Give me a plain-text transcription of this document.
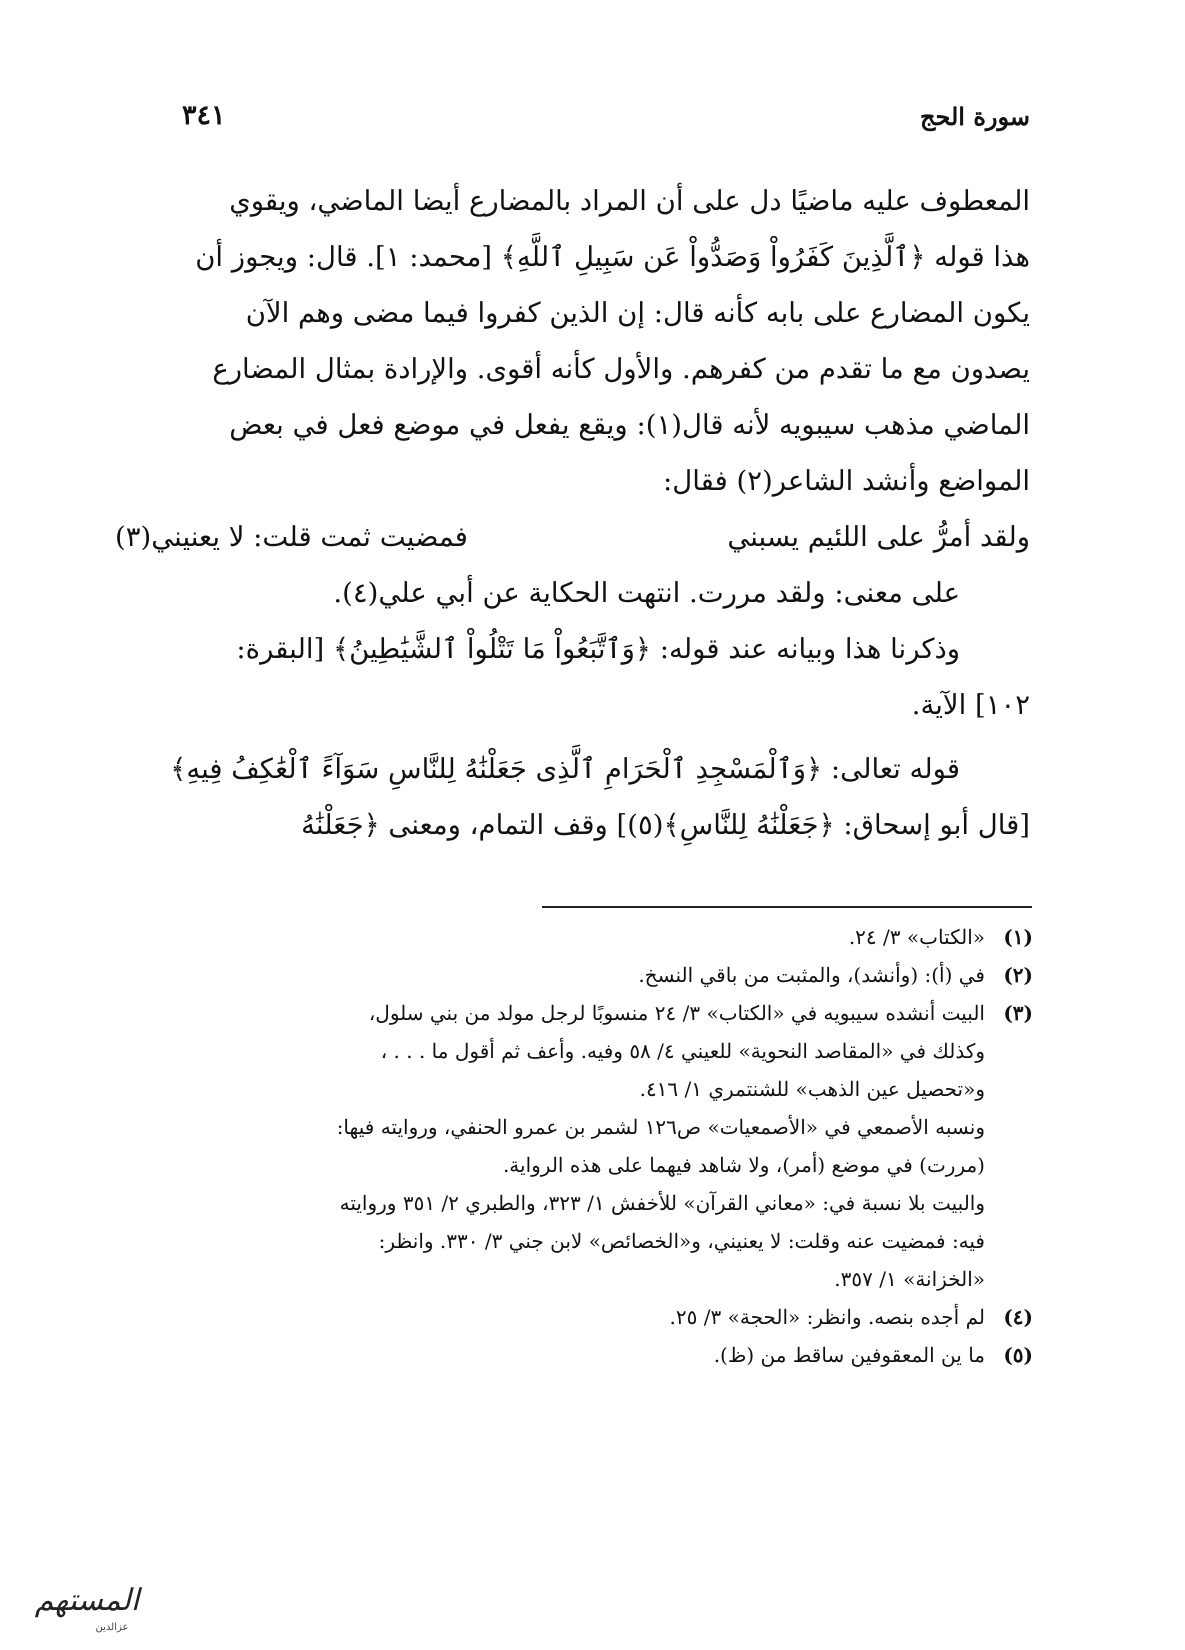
سورة الحج
٣٤١
المعطوف عليه ماضيًا دل على أن المراد بالمضارع أيضا الماضي، ويقوي
هذا قوله ﴿ٱلَّذِينَ كَفَرُواْ وَصَدُّواْ عَن سَبِيلِ ٱللَّهِ﴾ [محمد: ١]. قال: ويجوز أن
يكون المضارع على بابه كأنه قال: إن الذين كفروا فيما مضى وهم الآن
يصدون مع ما تقدم من كفرهم. والأول كأنه أقوى. والإرادة بمثال المضارع
الماضي مذهب سيبويه لأنه قال(١): ويقع يفعل في موضع فعل في بعض
المواضع وأنشد الشاعر(٢) فقال:
ولقد أمرُّ على اللئيم يسبني
فمضيت ثمت قلت: لا يعنيني(٣)
على معنى: ولقد مررت. انتهت الحكاية عن أبي علي(٤).
وذكرنا هذا وبيانه عند قوله: ﴿وَٱتَّبَعُواْ مَا تَتْلُواْ ٱلشَّيَٰطِينُ﴾ [البقرة:
١٠٢] الآية.
قوله تعالى: ﴿وَٱلْمَسْجِدِ ٱلْحَرَامِ ٱلَّذِى جَعَلْنَٰهُ لِلنَّاسِ سَوَآءً ٱلْعَٰكِفُ فِيهِ﴾
[قال أبو إسحاق: ﴿جَعَلْنَٰهُ لِلنَّاسِ﴾(٥)] وقف التمام، ومعنى ﴿جَعَلْنَٰهُ
(١)
«الكتاب» ٣/ ٢٤.
(٢)
في (أ): (وأنشد)، والمثبت من باقي النسخ.
(٣)
البيت أنشده سيبويه في «الكتاب» ٣/ ٢٤ منسوبًا لرجل مولد من بني سلول،
وكذلك في «المقاصد النحوية» للعيني ٤/ ٥٨ وفيه. وأعف ثم أقول ما . . . ،
و«تحصيل عين الذهب» للشنتمري ١/ ٤١٦.
ونسبه الأصمعي في «الأصمعيات» ص١٢٦ لشمر بن عمرو الحنفي، وروايته فيها:
(مررت) في موضع (أمر)، ولا شاهد فيهما على هذه الرواية.
والبيت بلا نسبة في: «معاني القرآن» للأخفش ١/ ٣٢٣، والطبري ٢/ ٣٥١ وروايته
فيه: فمضيت عنه وقلت: لا يعنيني، و«الخصائص» لابن جني ٣/ ٣٣٠. وانظر:
«الخزانة» ١/ ٣٥٧.
(٤)
لم أجده بنصه. وانظر: «الحجة» ٣/ ٢٥.
(٥)
ما ين المعقوفين ساقط من (ظ).
المستهم
عزالدين
